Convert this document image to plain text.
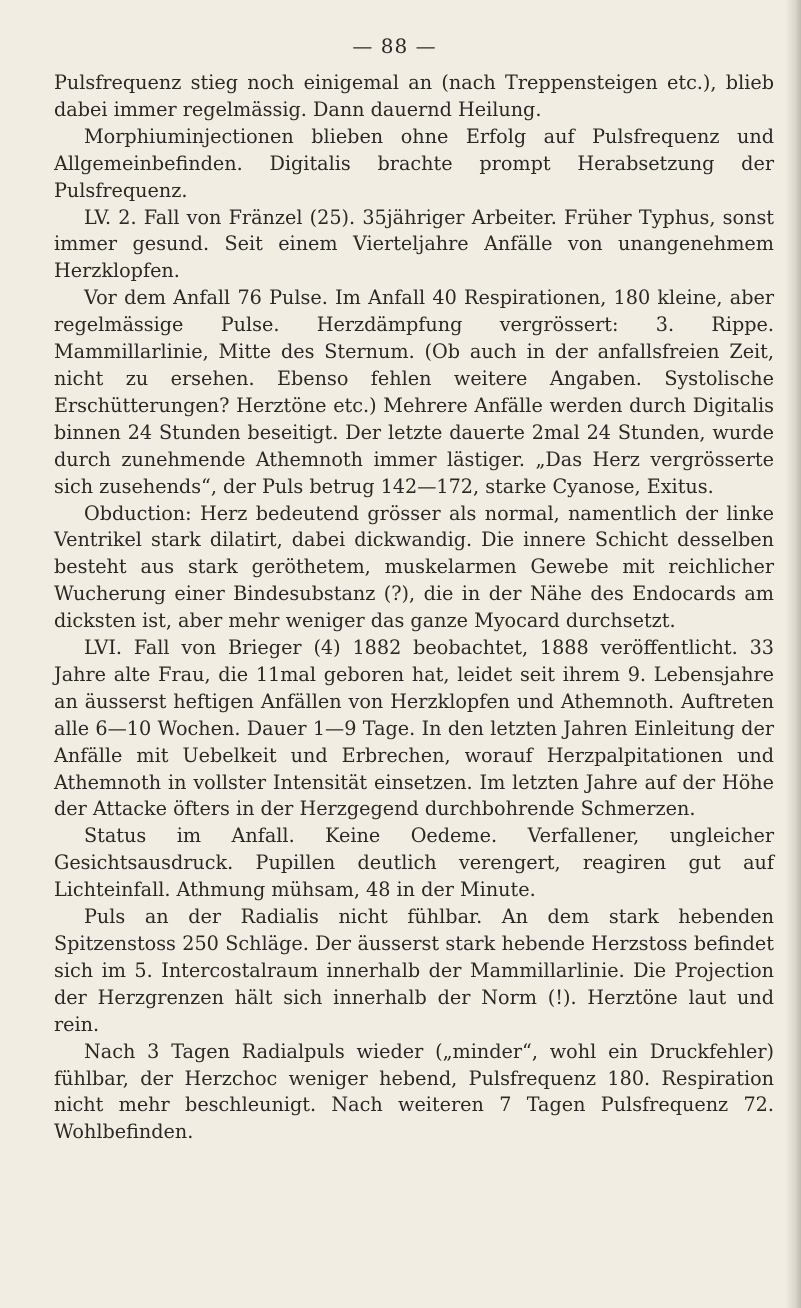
— 88 —

Pulsfrequenz stieg noch einigemal an (nach Treppensteigen etc.), blieb dabei immer regelmässig. Dann dauernd Heilung.

Morphiuminjectionen blieben ohne Erfolg auf Pulsfrequenz und Allgemeinbefinden. Digitalis brachte prompt Herabsetzung der Pulsfrequenz.

LV. 2. Fall von Fränzel (25). 35jähriger Arbeiter. Früher Typhus, sonst immer gesund. Seit einem Vierteljahre Anfälle von unangenehmem Herzklopfen.

Vor dem Anfall 76 Pulse. Im Anfall 40 Respirationen, 180 kleine, aber regelmässige Pulse. Herzdämpfung vergrössert: 3. Rippe. Mammillarlinie, Mitte des Sternum. (Ob auch in der anfallsfreien Zeit, nicht zu ersehen. Ebenso fehlen weitere Angaben. Systolische Erschütterungen? Herztöne etc.) Mehrere Anfälle werden durch Digitalis binnen 24 Stunden beseitigt. Der letzte dauerte 2mal 24 Stunden, wurde durch zunehmende Athemnoth immer lästiger. „Das Herz vergrösserte sich zusehends“, der Puls betrug 142—172, starke Cyanose, Exitus.

Obduction: Herz bedeutend grösser als normal, namentlich der linke Ventrikel stark dilatirt, dabei dickwandig. Die innere Schicht desselben besteht aus stark geröthetem, muskelarmen Gewebe mit reichlicher Wucherung einer Bindesubstanz (?), die in der Nähe des Endocards am dicksten ist, aber mehr weniger das ganze Myocard durchsetzt.

LVI. Fall von Brieger (4) 1882 beobachtet, 1888 veröffentlicht. 33 Jahre alte Frau, die 11mal geboren hat, leidet seit ihrem 9. Lebensjahre an äusserst heftigen Anfällen von Herzklopfen und Athemnoth. Auftreten alle 6—10 Wochen. Dauer 1—9 Tage. In den letzten Jahren Einleitung der Anfälle mit Uebelkeit und Erbrechen, worauf Herzpalpitationen und Athemnoth in vollster Intensität einsetzen. Im letzten Jahre auf der Höhe der Attacke öfters in der Herzgegend durchbohrende Schmerzen.

Status im Anfall. Keine Oedeme. Verfallener, ungleicher Gesichtsausdruck. Pupillen deutlich verengert, reagiren gut auf Lichteinfall. Athmung mühsam, 48 in der Minute.

Puls an der Radialis nicht fühlbar. An dem stark hebenden Spitzenstoss 250 Schläge. Der äusserst stark hebende Herzstoss befindet sich im 5. Intercostalraum innerhalb der Mammillarlinie. Die Projection der Herzgrenzen hält sich innerhalb der Norm (!). Herztöne laut und rein.

Nach 3 Tagen Radialpuls wieder („minder“, wohl ein Druckfehler) fühlbar, der Herzchoc weniger hebend, Pulsfrequenz 180. Respiration nicht mehr beschleunigt. Nach weiteren 7 Tagen Pulsfrequenz 72. Wohlbefinden.
